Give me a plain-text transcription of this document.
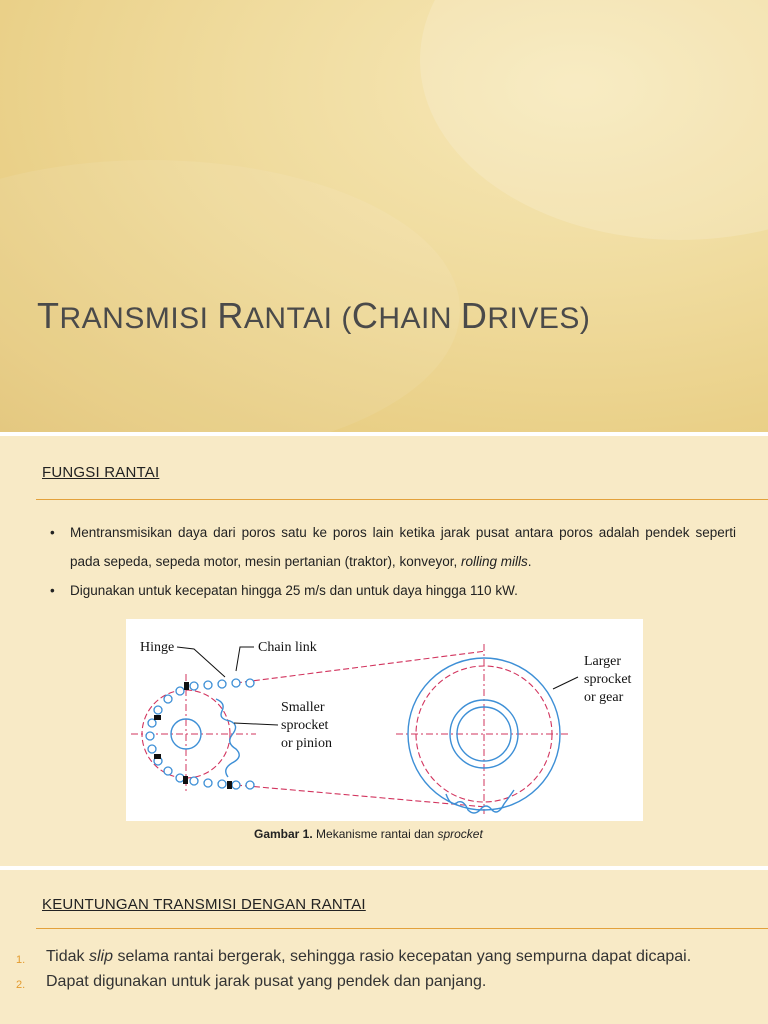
TRANSMISI RANTAI (CHAIN DRIVES)
FUNGSI RANTAI
• Mentransmisikan daya dari poros satu ke poros lain ketika jarak pusat antara poros adalah pendek seperti pada sepeda, sepeda motor, mesin pertanian (traktor), konveyor, rolling mills.
• Digunakan untuk kecepatan hingga 25 m/s dan untuk daya hingga 110 kW.
Hinge	Chain link
Smaller
sprocket
or pinion
Larger
sprocket
or gear
Gambar 1. Mekanisme rantai dan sprocket
KEUNTUNGAN TRANSMISI DENGAN RANTAI
1. Tidak slip selama rantai bergerak, sehingga rasio kecepatan yang sempurna dapat dicapai.
2. Dapat digunakan untuk jarak pusat yang pendek dan panjang.
